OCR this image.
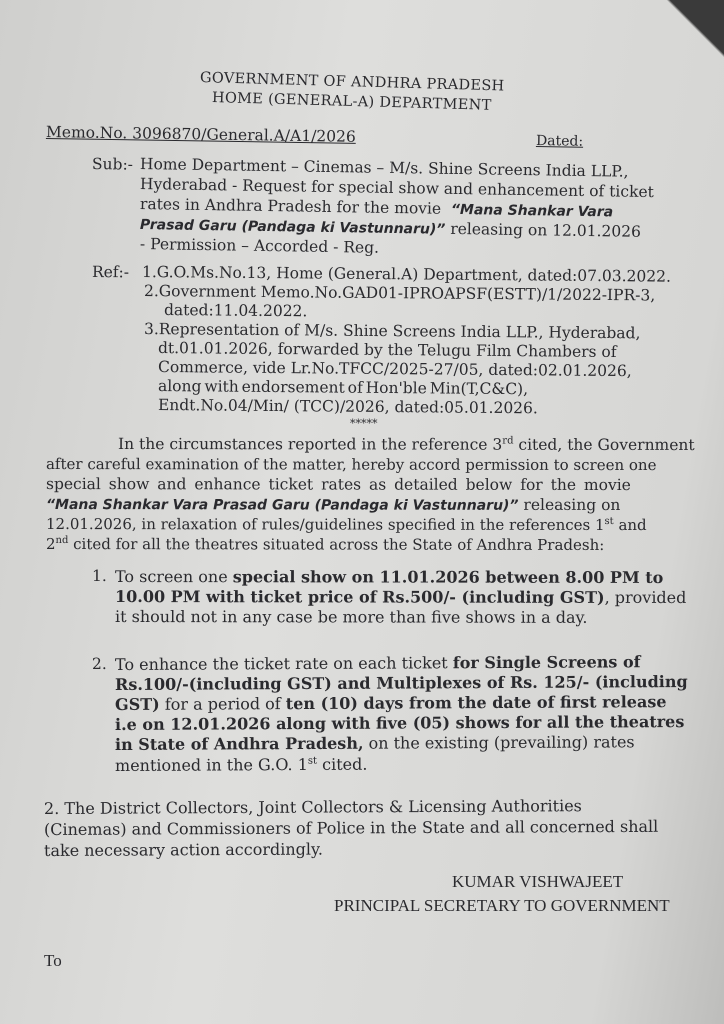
GOVERNMENT OF ANDHRA PRADESH
HOME (GENERAL-A) DEPARTMENT
Memo.No. 3096870/General.A/A1/2026	Dated:
Sub:- Home Department – Cinemas – M/s. Shine Screens India LLP.,
Hyderabad - Request for special show and enhancement of ticket
rates in Andhra Pradesh for the movie “Mana Shankar Vara
Prasad Garu (Pandaga ki Vastunnaru)” releasing on 12.01.2026
- Permission – Accorded - Reg.
Ref:- 1.G.O.Ms.No.13, Home (General.A) Department, dated:07.03.2022.
2.Government Memo.No.GAD01-IPROAPSF(ESTT)/1/2022-IPR-3,
dated:11.04.2022.
3.Representation of M/s. Shine Screens India LLP., Hyderabad,
dt.01.01.2026, forwarded by the Telugu Film Chambers of
Commerce, vide Lr.No.TFCC/2025-27/05, dated:02.01.2026,
along with endorsement of Hon'ble Min(T,C&C),
Endt.No.04/Min/ (TCC)/2026, dated:05.01.2026.
*****
In the circumstances reported in the reference 3rd cited, the Government
after careful examination of the matter, hereby accord permission to screen one
special show and enhance ticket rates as detailed below for the movie
“Mana Shankar Vara Prasad Garu (Pandaga ki Vastunnaru)” releasing on
12.01.2026, in relaxation of rules/guidelines specified in the references 1st and
2nd cited for all the theatres situated across the State of Andhra Pradesh:
1. To screen one special show on 11.01.2026 between 8.00 PM to
10.00 PM with ticket price of Rs.500/- (including GST), provided
it should not in any case be more than five shows in a day.
2. To enhance the ticket rate on each ticket for Single Screens of
Rs.100/-(including GST) and Multiplexes of Rs. 125/- (including
GST) for a period of ten (10) days from the date of first release
i.e on 12.01.2026 along with five (05) shows for all the theatres
in State of Andhra Pradesh, on the existing (prevailing) rates
mentioned in the G.O. 1st cited.
2. The District Collectors, Joint Collectors & Licensing Authorities
(Cinemas) and Commissioners of Police in the State and all concerned shall
take necessary action accordingly.
KUMAR VISHWAJEET
PRINCIPAL SECRETARY TO GOVERNMENT
To
